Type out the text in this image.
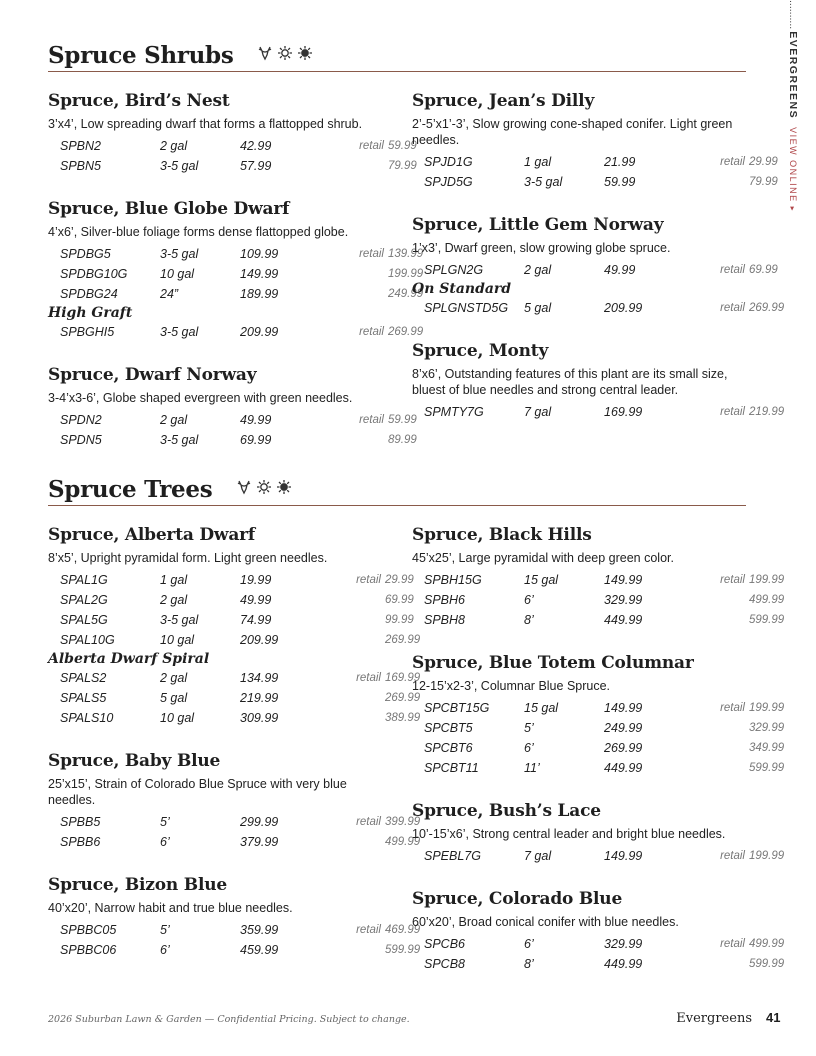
..........EVERGREENSVIEW ONLINE▸
Spruce Shrubs
Spruce, Bird’s Nest
3’x4’, Low spreading dwarf that forms a flattopped shrub.
SPBN2	2 gal	42.99	retail 59.99
SPBN5	3-5 gal	57.99	79.99
Spruce, Blue Globe Dwarf
4’x6’, Silver-blue foliage forms dense flattopped globe.
SPDBG5	3-5 gal	109.99	retail 139.99
SPDBG10G	10 gal	149.99	199.99
SPDBG24	24”	189.99	249.99
High Graft
SPBGHI5	3-5 gal	209.99	retail 269.99
Spruce, Dwarf Norway
3-4’x3-6’, Globe shaped evergreen with green needles.
SPDN2	2 gal	49.99	retail 59.99
SPDN5	3-5 gal	69.99	89.99
Spruce, Jean’s Dilly
2’-5’x1’-3’, Slow growing cone-shaped conifer. Light green needles.
SPJD1G	1 gal	21.99	retail 29.99
SPJD5G	3-5 gal	59.99	79.99
Spruce, Little Gem Norway
1’x3’, Dwarf green, slow growing globe spruce.
SPLGN2G	2 gal	49.99	retail 69.99
On Standard
SPLGNSTD5G 5 gal	209.99	retail 269.99
Spruce, Monty
8’x6’, Outstanding features of this plant are its small size, bluest of blue needles and strong central leader.
SPMTY7G	7 gal	169.99	retail 219.99
Spruce Trees
Spruce, Alberta Dwarf
8’x5’, Upright pyramidal form. Light green needles.
SPAL1G	1 gal	19.99	retail 29.99
SPAL2G	2 gal	49.99	69.99
SPAL5G	3-5 gal	74.99	99.99
SPAL10G	10 gal	209.99	269.99
Alberta Dwarf Spiral
SPALS2	2 gal	134.99	retail 169.99
SPALS5	5 gal	219.99	269.99
SPALS10	10 gal	309.99	389.99
Spruce, Baby Blue
25’x15’, Strain of Colorado Blue Spruce with very blue needles.
SPBB5	5’	299.99	retail 399.99
SPBB6	6’	379.99	499.99
Spruce, Bizon Blue
40’x20’, Narrow habit and true blue needles.
SPBBC05	5’	359.99	retail 469.99
SPBBC06	6’	459.99	599.99
Spruce, Black Hills
45’x25’, Large pyramidal with deep green color.
SPBH15G	15 gal	149.99	retail 199.99
SPBH6	6’	329.99	499.99
SPBH8	8’	449.99	599.99
Spruce, Blue Totem Columnar
12-15’x2-3’, Columnar Blue Spruce.
SPCBT15G	15 gal	149.99	retail 199.99
SPCBT5	5’	249.99	329.99
SPCBT6	6’	269.99	349.99
SPCBT11	11’	449.99	599.99
Spruce, Bush’s Lace
10’-15’x6’, Strong central leader and bright blue needles.
SPEBL7G	7 gal	149.99	retail 199.99
Spruce, Colorado Blue
60’x20’, Broad conical conifer with blue needles.
SPCB6	6’	329.99	retail 499.99
SPCB8	8’	449.99	599.99
2026 Suburban Lawn & Garden — Confidential Pricing. Subject to change.	Evergreens 41
